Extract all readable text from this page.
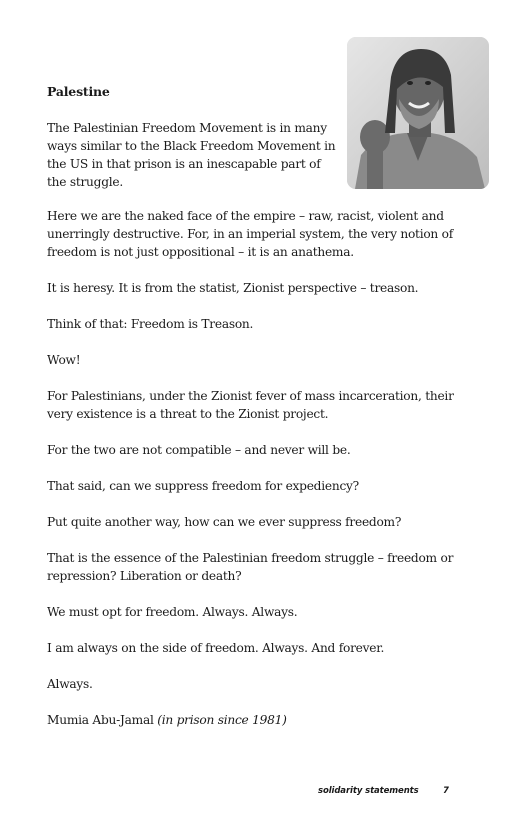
Palestine

The Palestinian Freedom Movement is in many ways similar to the Black Freedom Movement in the US in that prison is an inescapable part of the struggle.

Here we are the naked face of the empire – raw, racist, violent and unerringly destructive. For, in an imperial system, the very notion of freedom is not just oppositional – it is an anathema.

It is heresy. It is from the statist, Zionist perspective – treason.

Think of that: Freedom is Treason.

Wow!

For Palestinians, under the Zionist fever of mass incarceration, their very existence is a threat to the Zionist project.

For the two are not compatible – and never will be.

That said, can we suppress freedom for expediency?

Put quite another way, how can we ever suppress freedom?

That is the essence of the Palestinian freedom struggle – freedom or repression? Liberation or death?

We must opt for freedom. Always. Always.

I am always on the side of freedom. Always. And forever.

Always.

Mumia Abu-Jamal (in prison since 1981)

solidarity statements	7
